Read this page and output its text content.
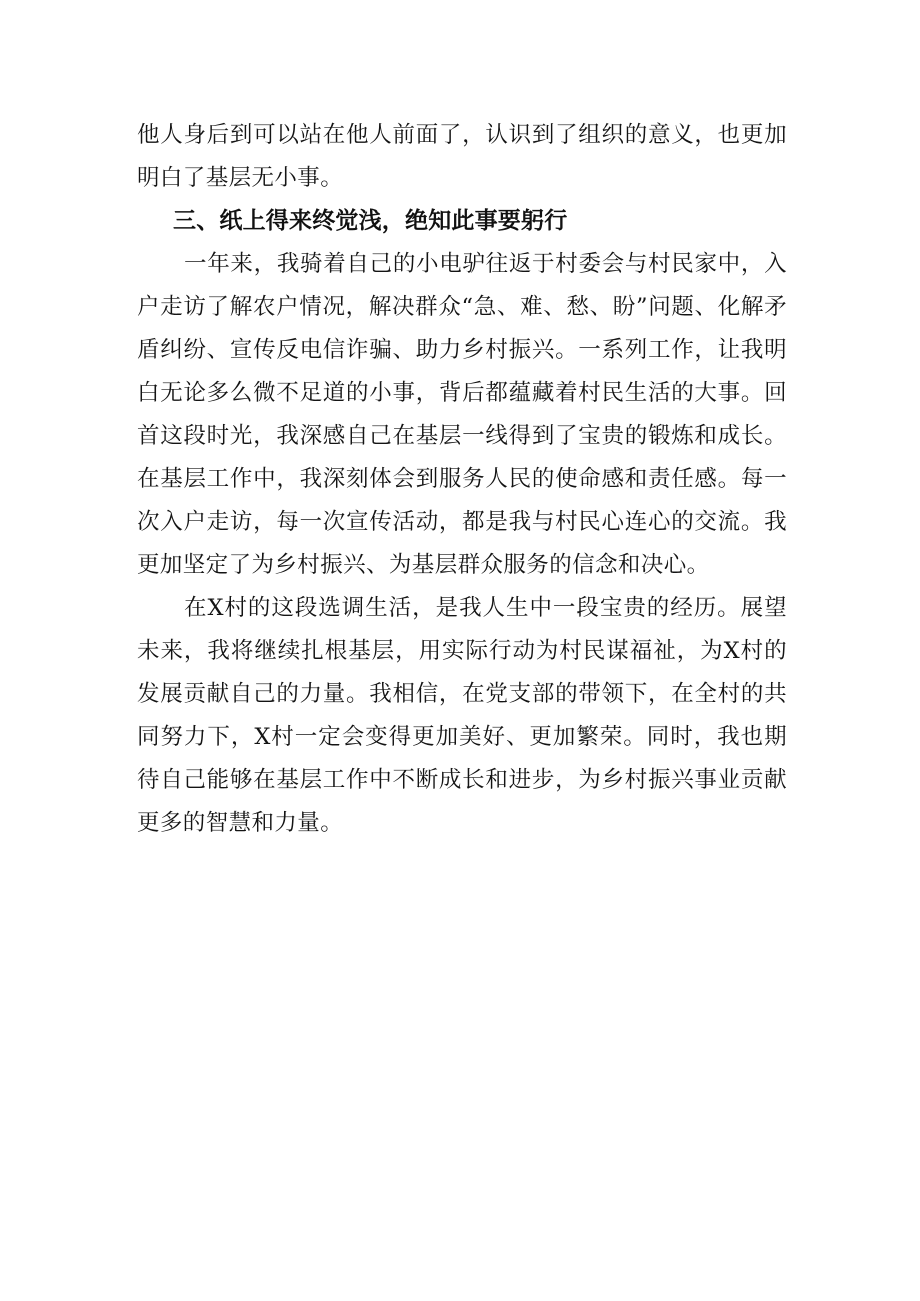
他人身后到可以站在他人前面了，认识到了组织的意义，也更加明白了基层无小事。

三、纸上得来终觉浅，绝知此事要躬行

一年来，我骑着自己的小电驴往返于村委会与村民家中，入户走访了解农户情况，解决群众“急、难、愁、盼”问题、化解矛盾纠纷、宣传反电信诈骗、助力乡村振兴。一系列工作，让我明白无论多么微不足道的小事，背后都蕴藏着村民生活的大事。回首这段时光，我深感自己在基层一线得到了宝贵的锻炼和成长。在基层工作中，我深刻体会到服务人民的使命感和责任感。每一次入户走访，每一次宣传活动，都是我与村民心连心的交流。我更加坚定了为乡村振兴、为基层群众服务的信念和决心。

在X村的这段选调生活，是我人生中一段宝贵的经历。展望未来，我将继续扎根基层，用实际行动为村民谋福祉，为X村的发展贡献自己的力量。我相信，在党支部的带领下，在全村的共同努力下，X村一定会变得更加美好、更加繁荣。同时，我也期待自己能够在基层工作中不断成长和进步，为乡村振兴事业贡献更多的智慧和力量。
